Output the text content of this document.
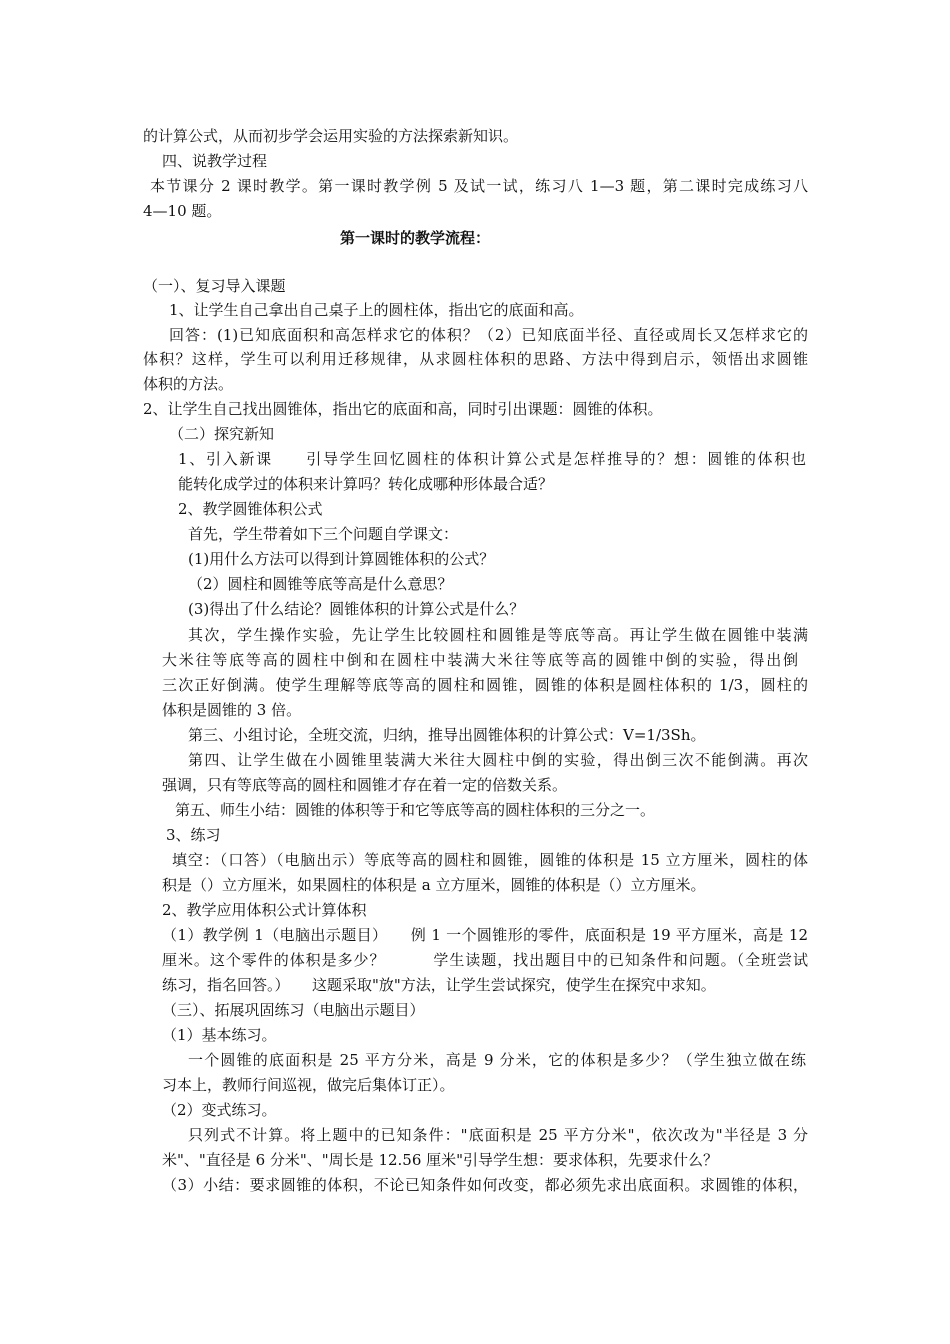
的计算公式，从而初步学会运用实验的方法探索新知识。

四、说教学过程

本节课分 2 课时教学。第一课时教学例 5 及试一试，练习八 1—3 题，第二课时完成练习八

4—10 题。

第一课时的教学流程：

（一）、复习导入课题

1、让学生自己拿出自己桌子上的圆柱体，指出它的底面和高。

回答：(1)已知底面积和高怎样求它的体积？（2）已知底面半径、直径或周长又怎样求它的

体积？这样，学生可以利用迁移规律，从求圆柱体积的思路、方法中得到启示，领悟出求圆锥

体积的方法。

2、让学生自己找出圆锥体，指出它的底面和高，同时引出课题：圆锥的体积。

（二）探究新知

1、引入新课　　引导学生回忆圆柱的体积计算公式是怎样推导的？想：圆锥的体积也

能转化成学过的体积来计算吗？转化成哪种形体最合适？

2、教学圆锥体积公式

首先，学生带着如下三个问题自学课文：

(1)用什么方法可以得到计算圆锥体积的公式？

（2）圆柱和圆锥等底等高是什么意思？

(3)得出了什么结论？圆锥体积的计算公式是什么？

其次，学生操作实验，先让学生比较圆柱和圆锥是等底等高。再让学生做在圆锥中装满

大米往等底等高的圆柱中倒和在圆柱中装满大米往等底等高的圆锥中倒的实验，得出倒

三次正好倒满。使学生理解等底等高的圆柱和圆锥，圆锥的体积是圆柱体积的 1/3，圆柱的

体积是圆锥的 3 倍。

第三、小组讨论，全班交流，归纳，推导出圆锥体积的计算公式：V=1/3Sh。

第四、让学生做在小圆锥里装满大米往大圆柱中倒的实验，得出倒三次不能倒满。再次

强调，只有等底等高的圆柱和圆锥才存在着一定的倍数关系。

第五、师生小结：圆锥的体积等于和它等底等高的圆柱体积的三分之一。

3、练习

填空：（口答）（电脑出示）等底等高的圆柱和圆锥，圆锥的体积是 15 立方厘米，圆柱的体

积是（）立方厘米，如果圆柱的体积是 a 立方厘米，圆锥的体积是（）立方厘米。

2、教学应用体积公式计算体积

（1）教学例 1（电脑出示题目）　　例 1 一个圆锥形的零件，底面积是 19 平方厘米，高是 12

厘米。这个零件的体积是多少？　　　学生读题，找出题目中的已知条件和问题。（全班尝试

练习，指名回答。）　　这题采取"放"方法，让学生尝试探究，使学生在探究中求知。

（三）、拓展巩固练习（电脑出示题目）

（1）基本练习。

一个圆锥的底面积是 25 平方分米，高是 9 分米，它的体积是多少？（学生独立做在练

习本上，教师行间巡视，做完后集体订正）。

（2）变式练习。

只列式不计算。将上题中的已知条件："底面积是 25 平方分米"，依次改为"半径是 3 分

米"、"直径是 6 分米"、"周长是 12.56 厘米"引导学生想：要求体积，先要求什么？

（3）小结：要求圆锥的体积，不论已知条件如何改变，都必须先求出底面积。求圆锥的体积，
